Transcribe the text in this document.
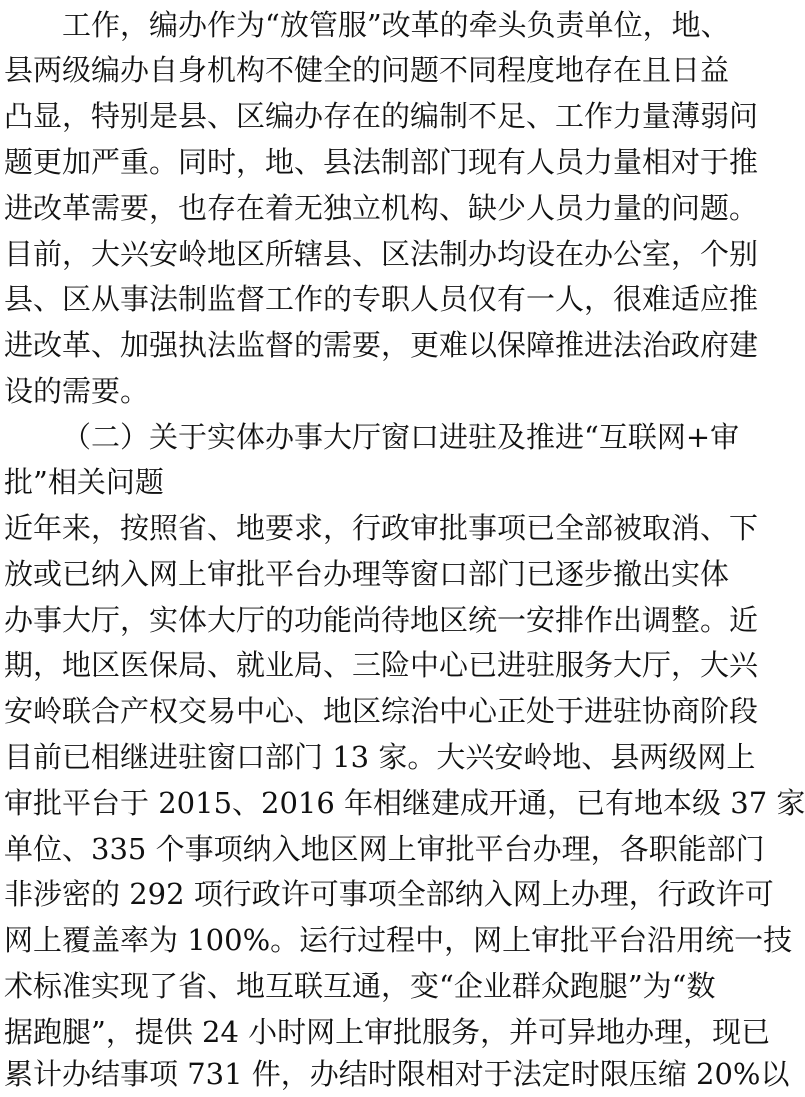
工作，编办作为“放管服”改革的牵头负责单位，地、
县两级编办自身机构不健全的问题不同程度地存在且日益
凸显，特别是县、区编办存在的编制不足、工作力量薄弱问
题更加严重。同时，地、县法制部门现有人员力量相对于推
进改革需要，也存在着无独立机构、缺少人员力量的问题。
目前，大兴安岭地区所辖县、区法制办均设在办公室，个别
县、区从事法制监督工作的专职人员仅有一人，很难适应推
进改革、加强执法监督的需要，更难以保障推进法治政府建
设的需要。
（二）关于实体办事大厅窗口进驻及推进“互联网+审
批”相关问题
近年来，按照省、地要求，行政审批事项已全部被取消、下
放或已纳入网上审批平台办理等窗口部门已逐步撤出实体
办事大厅，实体大厅的功能尚待地区统一安排作出调整。近
期，地区医保局、就业局、三险中心已进驻服务大厅，大兴
安岭联合产权交易中心、地区综治中心正处于进驻协商阶段
目前已相继进驻窗口部门 13 家。大兴安岭地、县两级网上
审批平台于 2015、2016 年相继建成开通，已有地本级 37 家
单位、335 个事项纳入地区网上审批平台办理，各职能部门
非涉密的 292 项行政许可事项全部纳入网上办理，行政许可
网上覆盖率为 100%。运行过程中，网上审批平台沿用统一技
术标准实现了省、地互联互通，变“企业群众跑腿”为“数
据跑腿”，提供 24 小时网上审批服务，并可异地办理，现已
累计办结事项 731 件，办结时限相对于法定时限压缩 20%以
